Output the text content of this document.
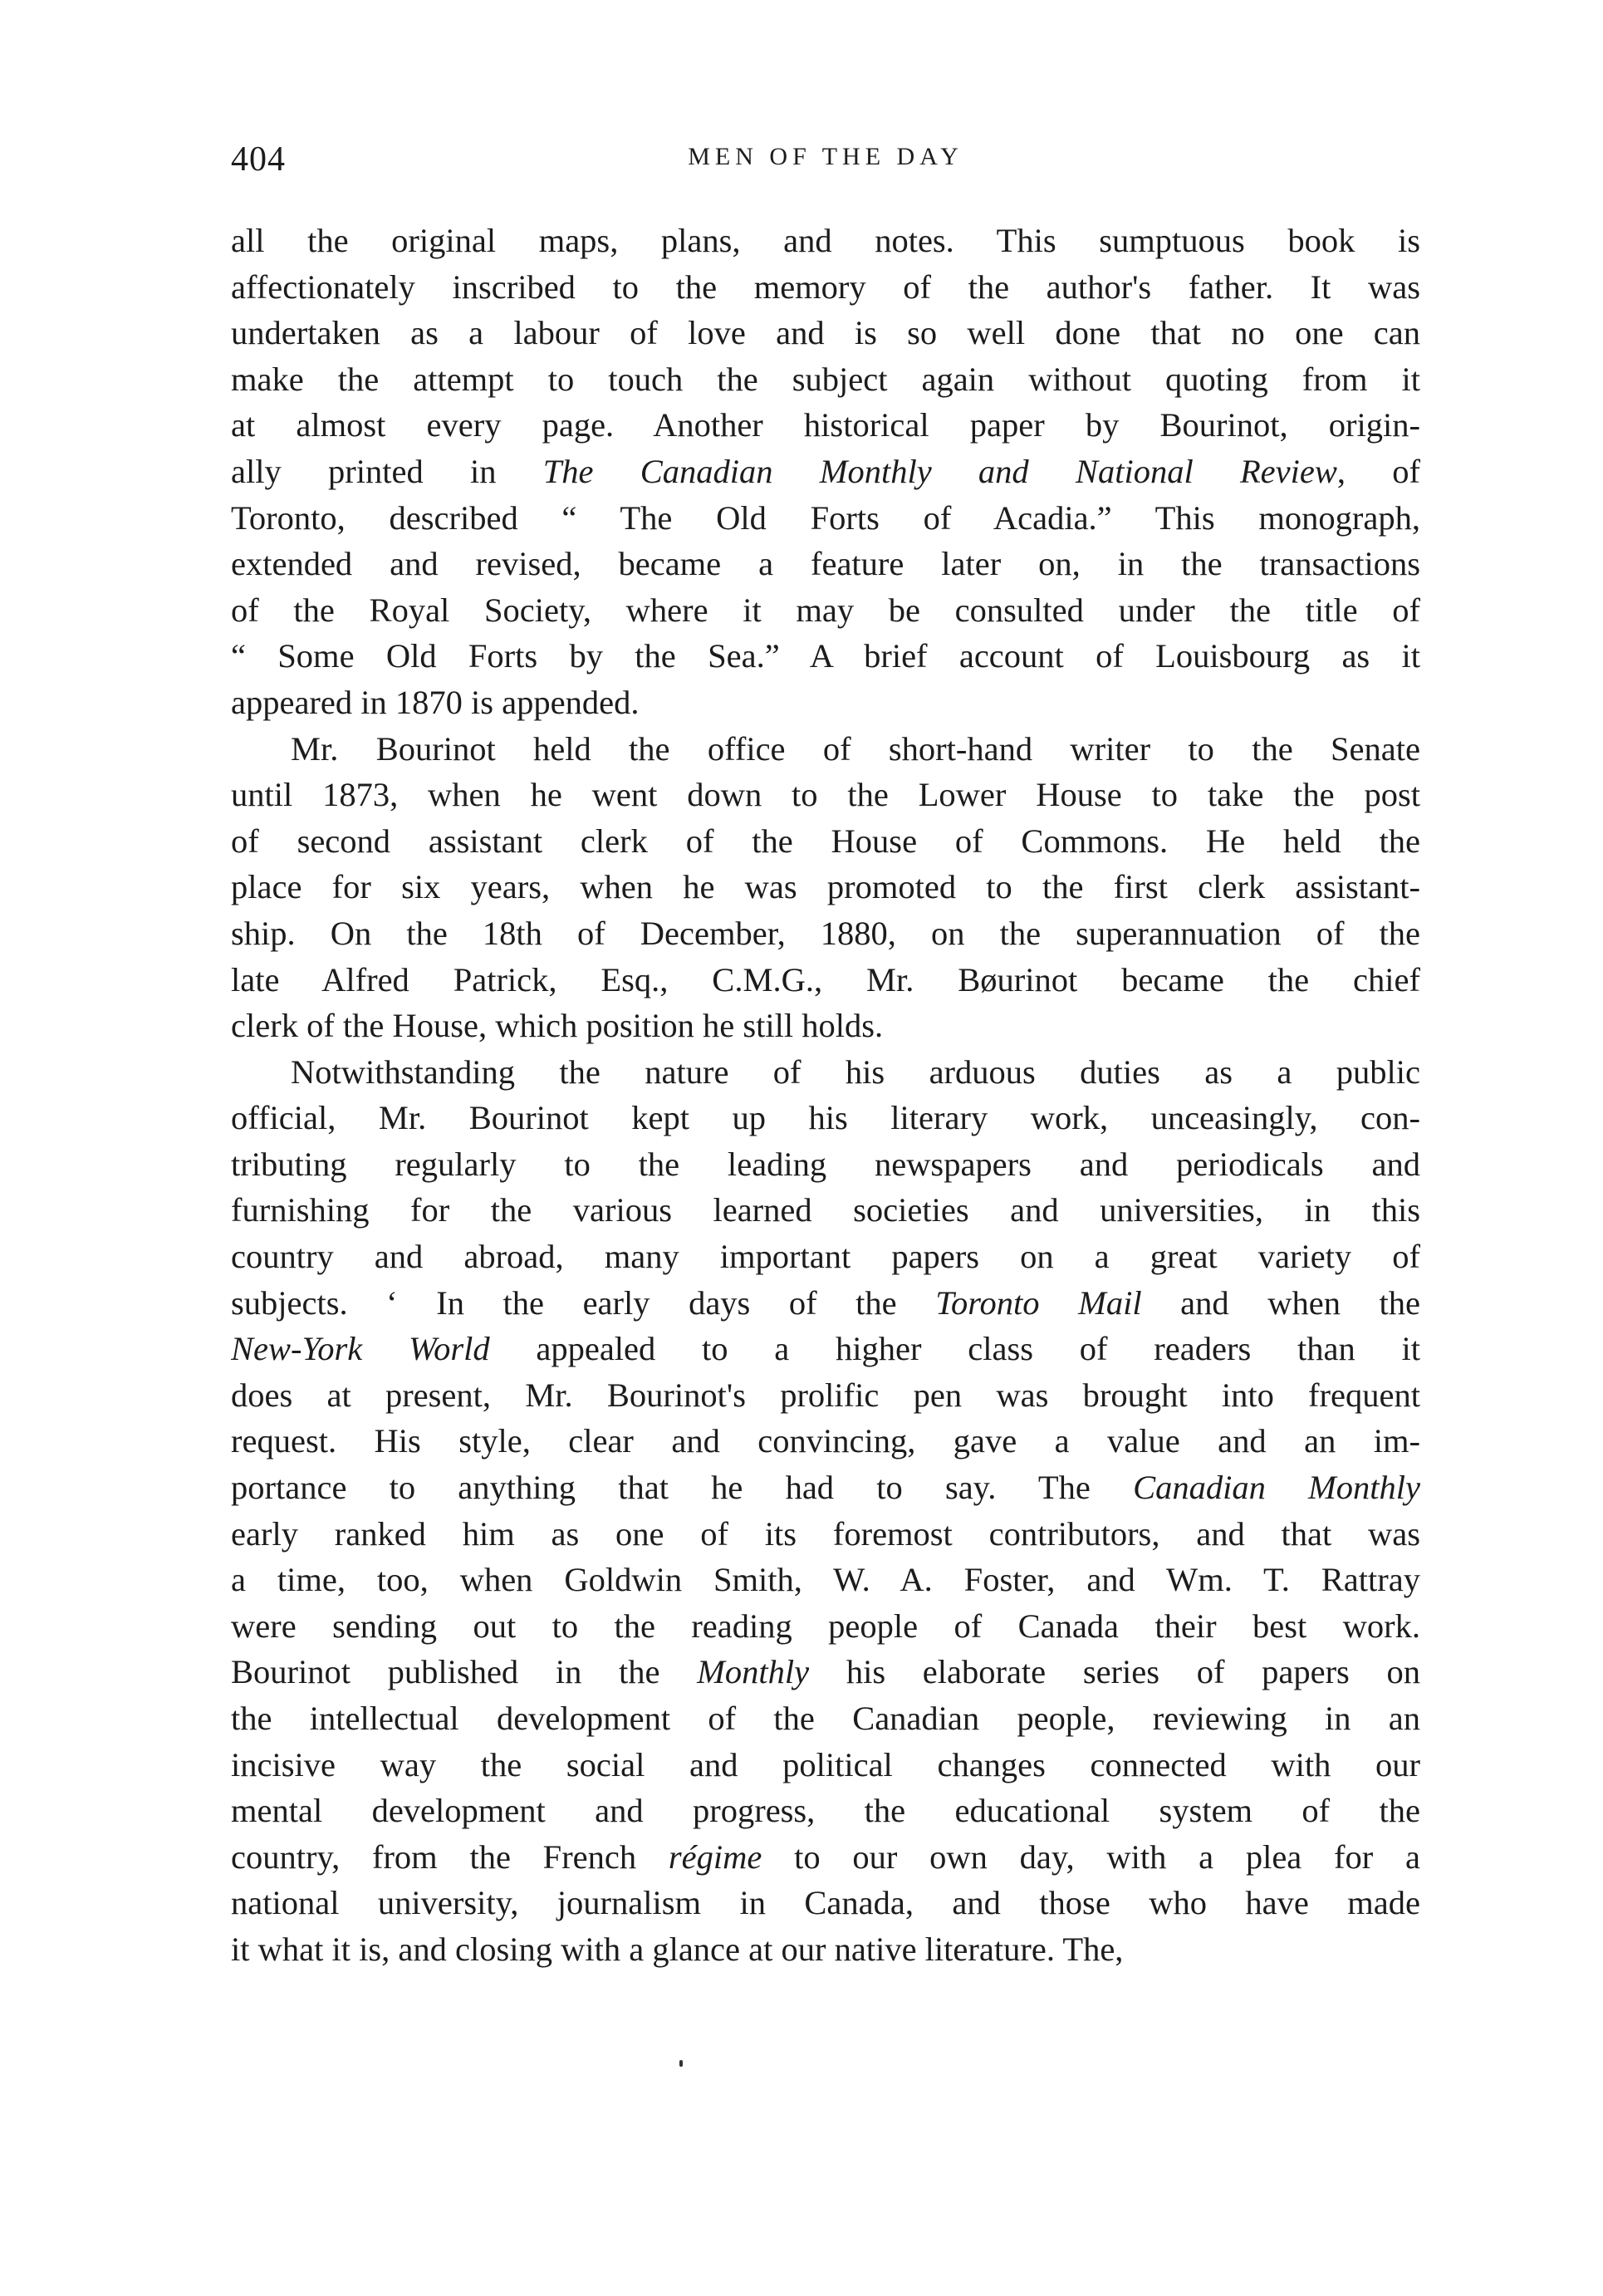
404	MEN OF THE DAY
all the original maps, plans, and notes. This sumptuous book is
affectionately inscribed to the memory of the author's father. It was
undertaken as a labour of love and is so well done that no one can
make the attempt to touch the subject again without quoting from it
at almost every page. Another historical paper by Bourinot, origin-
ally printed in The Canadian Monthly and National Review, of
Toronto, described “ The Old Forts of Acadia.” This monograph,
extended and revised, became a feature later on, in the transactions
of the Royal Society, where it may be consulted under the title of
“ Some Old Forts by the Sea.” A brief account of Louisbourg as it
appeared in 1870 is appended.
Mr. Bourinot held the office of short-hand writer to the Senate
until 1873, when he went down to the Lower House to take the post
of second assistant clerk of the House of Commons. He held the
place for six years, when he was promoted to the first clerk assistant-
ship. On the 18th of December, 1880, on the superannuation of the
late Alfred Patrick, Esq., C.M.G., Mr. Bøurinot became the chief
clerk of the House, which position he still holds.
Notwithstanding the nature of his arduous duties as a public
official, Mr. Bourinot kept up his literary work, unceasingly, con-
tributing regularly to the leading newspapers and periodicals and
furnishing for the various learned societies and universities, in this
country and abroad, many important papers on a great variety of
subjects. ‘ In the early days of the Toronto Mail and when the
New-York World appealed to a higher class of readers than it
does at present, Mr. Bourinot's prolific pen was brought into frequent
request. His style, clear and convincing, gave a value and an im-
portance to anything that he had to say. The Canadian Monthly
early ranked him as one of its foremost contributors, and that was
a time, too, when Goldwin Smith, W. A. Foster, and Wm. T. Rattray
were sending out to the reading people of Canada their best work.
Bourinot published in the Monthly his elaborate series of papers on
the intellectual development of the Canadian people, reviewing in an
incisive way the social and political changes connected with our
mental development and progress, the educational system of the
country, from the French régime to our own day, with a plea for a
national university, journalism in Canada, and those who have made
it what it is, and closing with a glance at our native literature. The,
